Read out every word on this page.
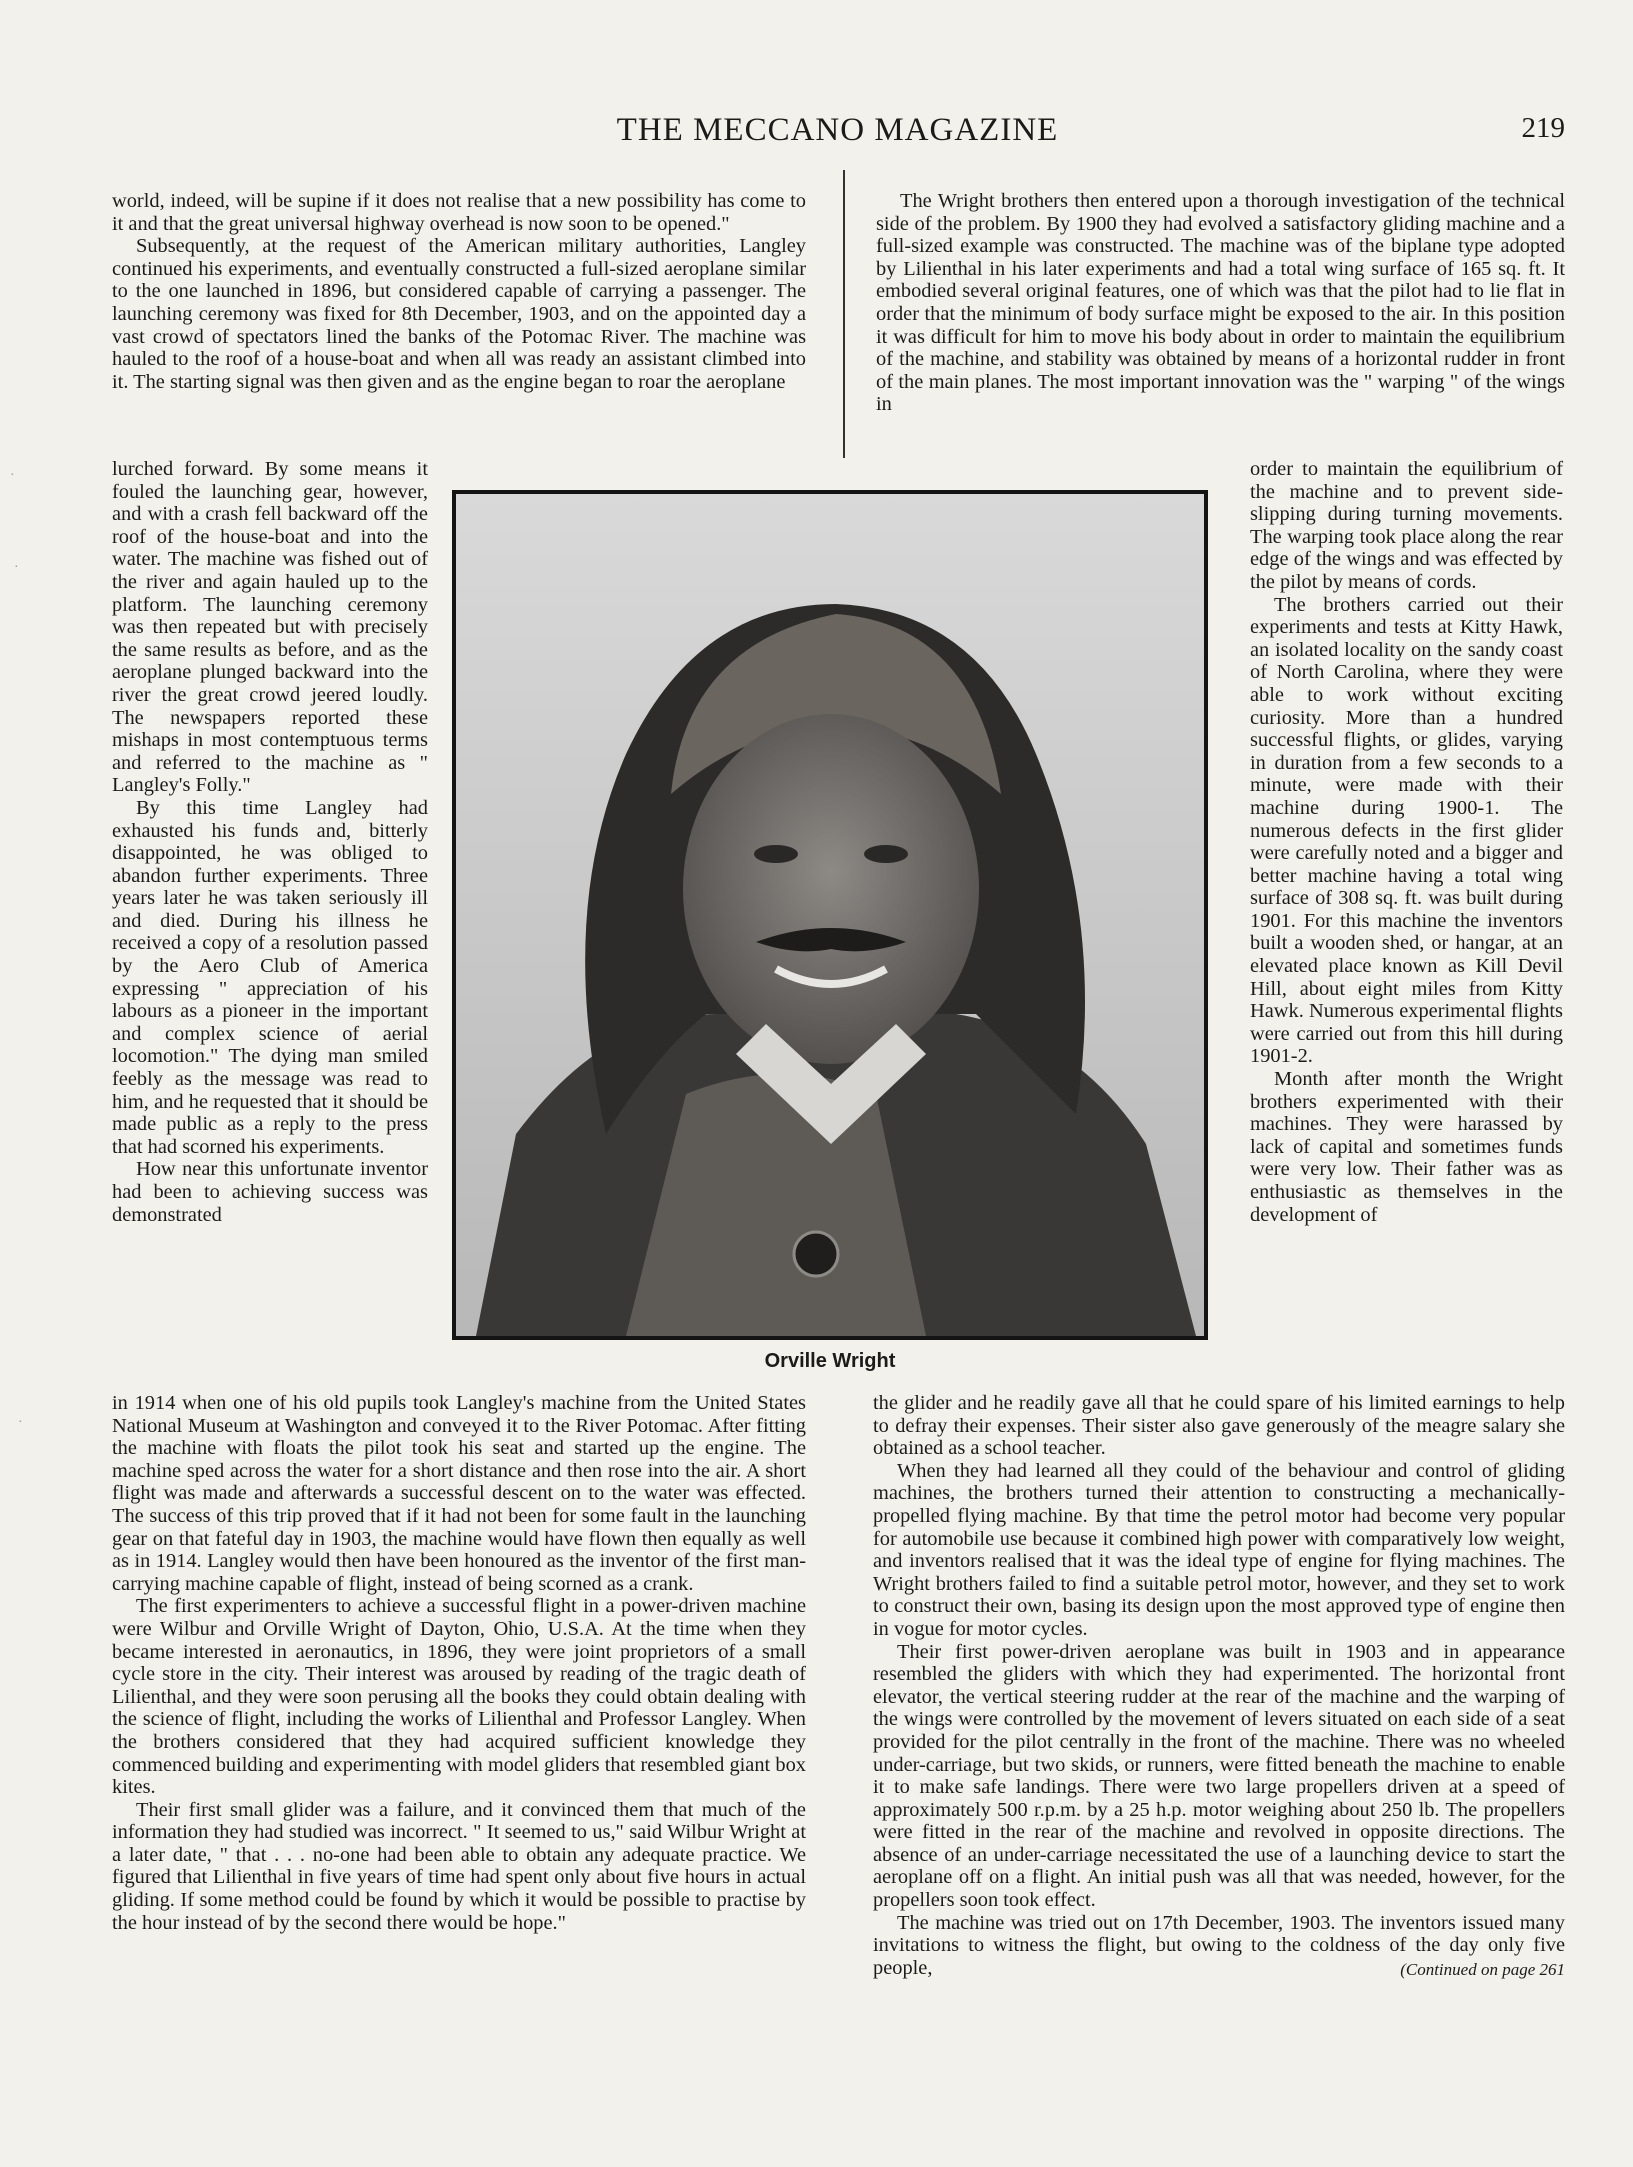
THE MECCANO MAGAZINE	219

world, indeed, will be supine if it does not realise that a new possibility has come to it and that the great universal highway overhead is now soon to be opened."

Subsequently, at the request of the American military authorities, Langley continued his experiments, and eventually constructed a full-sized aeroplane similar to the one launched in 1896, but considered capable of carrying a passenger. The launching ceremony was fixed for 8th December, 1903, and on the appointed day a vast crowd of spectators lined the banks of the Potomac River. The machine was hauled to the roof of a house-boat and when all was ready an assistant climbed into it. The starting signal was then given and as the engine began to roar the aeroplane

lurched forward. By some means it fouled the launching gear, however, and with a crash fell backward off the roof of the house-boat and into the water. The machine was fished out of the river and again hauled up to the platform. The launching ceremony was then repeated but with precisely the same results as before, and as the aeroplane plunged backward into the river the great crowd jeered loudly. The newspapers reported these mishaps in most contemptuous terms and referred to the machine as " Langley's Folly."

By this time Langley had exhausted his funds and, bitterly disappointed, he was obliged to abandon further experiments. Three years later he was taken seriously ill and died. During his illness he received a copy of a resolution passed by the Aero Club of America expressing " appreciation of his labours as a pioneer in the important and complex science of aerial locomotion." The dying man smiled feebly as the message was read to him, and he requested that it should be made public as a reply to the press that had scorned his experiments.

How near this unfortunate inventor had been to achieving success was demonstrated

in 1914 when one of his old pupils took Langley's machine from the United States National Museum at Washington and conveyed it to the River Potomac. After fitting the machine with floats the pilot took his seat and started up the engine. The machine sped across the water for a short distance and then rose into the air. A short flight was made and afterwards a successful descent on to the water was effected. The success of this trip proved that if it had not been for some fault in the launching gear on that fateful day in 1903, the machine would have flown then equally as well as in 1914. Langley would then have been honoured as the inventor of the first man-carrying machine capable of flight, instead of being scorned as a crank.

The first experimenters to achieve a successful flight in a power-driven machine were Wilbur and Orville Wright of Dayton, Ohio, U.S.A. At the time when they became interested in aeronautics, in 1896, they were joint proprietors of a small cycle store in the city. Their interest was aroused by reading of the tragic death of Lilienthal, and they were soon perusing all the books they could obtain dealing with the science of flight, including the works of Lilienthal and Professor Langley. When the brothers considered that they had acquired sufficient knowledge they commenced building and experimenting with model gliders that resembled giant box kites.

Their first small glider was a failure, and it convinced them that much of the information they had studied was incorrect. " It seemed to us," said Wilbur Wright at a later date, " that . . . no-one had been able to obtain any adequate practice. We figured that Lilienthal in five years of time had spent only about five hours in actual gliding. If some method could be found by which it would be possible to practise by the hour instead of by the second there would be hope."

The Wright brothers then entered upon a thorough investigation of the technical side of the problem. By 1900 they had evolved a satisfactory gliding machine and a full-sized example was constructed. The machine was of the biplane type adopted by Lilienthal in his later experiments and had a total wing surface of 165 sq. ft. It embodied several original features, one of which was that the pilot had to lie flat in order that the minimum of body surface might be exposed to the air. In this position it was difficult for him to move his body about in order to maintain the equilibrium of the machine, and stability was obtained by means of a horizontal rudder in front of the main planes. The most important innovation was the " warping " of the wings in

order to maintain the equilibrium of the machine and to prevent side-slipping during turning movements. The warping took place along the rear edge of the wings and was effected by the pilot by means of cords.

The brothers carried out their experiments and tests at Kitty Hawk, an isolated locality on the sandy coast of North Carolina, where they were able to work without exciting curiosity. More than a hundred successful flights, or glides, varying in duration from a few seconds to a minute, were made with their machine during 1900-1. The numerous defects in the first glider were carefully noted and a bigger and better machine having a total wing surface of 308 sq. ft. was built during 1901. For this machine the inventors built a wooden shed, or hangar, at an elevated place known as Kill Devil Hill, about eight miles from Kitty Hawk. Numerous experimental flights were carried out from this hill during 1901-2.

Month after month the Wright brothers experimented with their machines. They were harassed by lack of capital and sometimes funds were very low. Their father was as enthusiastic as themselves in the development of

the glider and he readily gave all that he could spare of his limited earnings to help to defray their expenses. Their sister also gave generously of the meagre salary she obtained as a school teacher.

When they had learned all they could of the behaviour and control of gliding machines, the brothers turned their attention to constructing a mechanically-propelled flying machine. By that time the petrol motor had become very popular for automobile use because it combined high power with comparatively low weight, and inventors realised that it was the ideal type of engine for flying machines. The Wright brothers failed to find a suitable petrol motor, however, and they set to work to construct their own, basing its design upon the most approved type of engine then in vogue for motor cycles.

Their first power-driven aeroplane was built in 1903 and in appearance resembled the gliders with which they had experimented. The horizontal front elevator, the vertical steering rudder at the rear of the machine and the warping of the wings were controlled by the movement of levers situated on each side of a seat provided for the pilot centrally in the front of the machine. There was no wheeled under-carriage, but two skids, or runners, were fitted beneath the machine to enable it to make safe landings. There were two large propellers driven at a speed of approximately 500 r.p.m. by a 25 h.p. motor weighing about 250 lb. The propellers were fitted in the rear of the machine and revolved in opposite directions. The absence of an under-carriage necessitated the use of a launching device to start the aeroplane off on a flight. An initial push was all that was needed, however, for the propellers soon took effect.

The machine was tried out on 17th December, 1903. The inventors issued many invitations to witness the flight, but owing to the coldness of the day only five people,	(Continued on page 261

Orville Wright
·
·
·
